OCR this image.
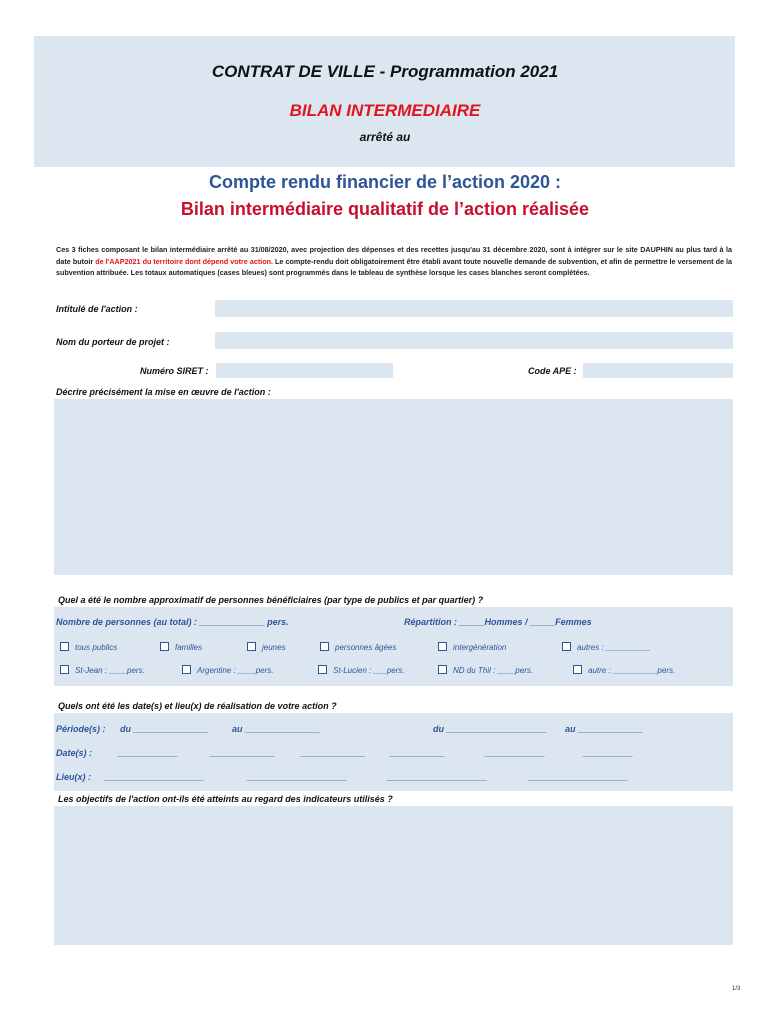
CONTRAT DE VILLE - Programmation 2021
BILAN INTERMEDIAIRE
arrêté au
Compte rendu financier de l’action 2020 :
Bilan intermédiaire qualitatif de l’action réalisée
Ces 3 fiches composant le bilan intermédiaire arrêté au 31/08/2020, avec projection des dépenses et des recettes jusqu'au 31 décembre 2020, sont à intégrer sur le site DAUPHIN au plus tard à la date butoir de l'AAP2021 du territoire dont dépend votre action. Le compte-rendu doit obligatoirement être établi avant toute nouvelle demande de subvention, et afin de permettre le versement de la subvention attribuée. Les totaux automatiques (cases bleues) sont programmés dans le tableau de synthèse lorsque les cases blanches seront complétées.
Intitulé de l'action :
Nom du porteur de projet :
Numéro SIRET :	Code APE :
Décrire précisément la mise en œuvre de l'action :
Quel a été le nombre approximatif de personnes bénéficiaires (par type de publics et par quartier) ?
Nombre de personnes (au total) : _____________ pers.	Répartition : _____Hommes / _____Femmes
tous publics	familles	jeunes	personnes âgées	intergénération	autres : __________
St-Jean : ____pers.	Argentine : ____pers.	St-Lucien : ___pers.	ND du Thil : ____pers.	autre : __________pers.
Quels ont été les date(s) et lieu(x) de réalisation de votre action ?
Période(s) : du _______________	au _______________	du ____________________ au _____________
Date(s) :	____________	_____________	_____________	___________	____________	__________
Lieu(x) : ____________________	____________________	____________________	____________________
Les objectifs de l'action ont-ils été atteints au regard des indicateurs utilisés ?
1/3
